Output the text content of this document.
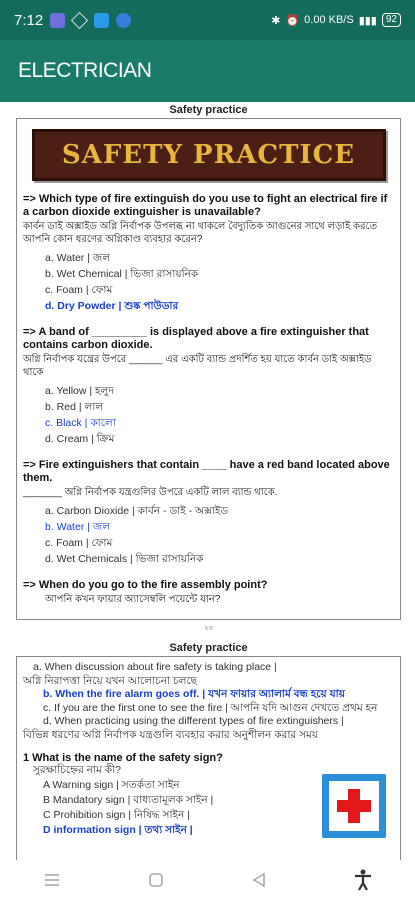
7:12	✱ ⏰ 0.00 KB/S ▮▮▮ 92
ELECTRICIAN
Safety practice
SAFETY PRACTICE
=> Which type of fire extinguish do you use to fight an electrical fire if a carbon dioxide extinguisher is unavailable?
কার্বন ডাই অক্সাইড অগ্নি নির্বাপক উপলব্ধ না থাকলে বৈদ্যুতিক আগুনের সাথে লড়াই করতে আপনি কোন ধরণের অগ্নিকাণ্ড ব্যবহার করেন?
a. Water | জল
b. Wet Chemical | ভিজা রাসায়নিক
c. Foam | ফোম
d. Dry Powder | শুষ্ক পাউডার
=> A band of _________ is displayed above a fire extinguisher that contains carbon dioxide.
অগ্নি নির্বাপক যন্ত্রের উপরে ______ এর একটি ব্যান্ড প্রদর্শিত হয় যাতে কার্বন ডাই অক্সাইড থাকে
a. Yellow | হলুদ
b. Red | লাল
c. Black | কালো
d. Cream | ক্রিম
=> Fire extinguishers that contain ____ have a red band located above them.
_______ অগ্নি নির্বাপক যন্ত্রগুলির উপরে একটি লাল ব্যান্ড থাকে.
a. Carbon Dioxide | কার্বন - ডাই - অক্সাইড
b. Water | জল
c. Foam | ফোম
d. Wet Chemicals | ভিজা রাসায়নিক
=> When do you go to the fire assembly point?
আপনি কখন ফায়ার অ্যাসেম্বলি পয়েন্টে যান?
২৩
Safety practice
a. When discussion about fire safety is taking place |
অগ্নি নিরাপত্তা নিয়ে যখন আলোচনা চলছে
b. When the fire alarm goes off. | যখন ফায়ার অ্যালার্ম বন্ধ হয়ে যায়
c. If you are the first one to see the fire | আপনি যদি আগুন দেখতে প্রথম হন
d. When practicing using the different types of fire extinguishers |
বিভিন্ন ধরণের অগ্নি নির্বাপক যন্ত্রগুলি ব্যবহার করার অনুশীলন করার সময়
1 What is the name of the safety sign?
সুরক্ষাচিহ্নের নাম কী?
A Warning sign | সতর্কতা সাইন
B Mandatory sign | বাধ্যতামূলক সাইন |
C Prohibition sign | নিষিদ্ধ সাইন |
D information sign | তথ্য সাইন |
